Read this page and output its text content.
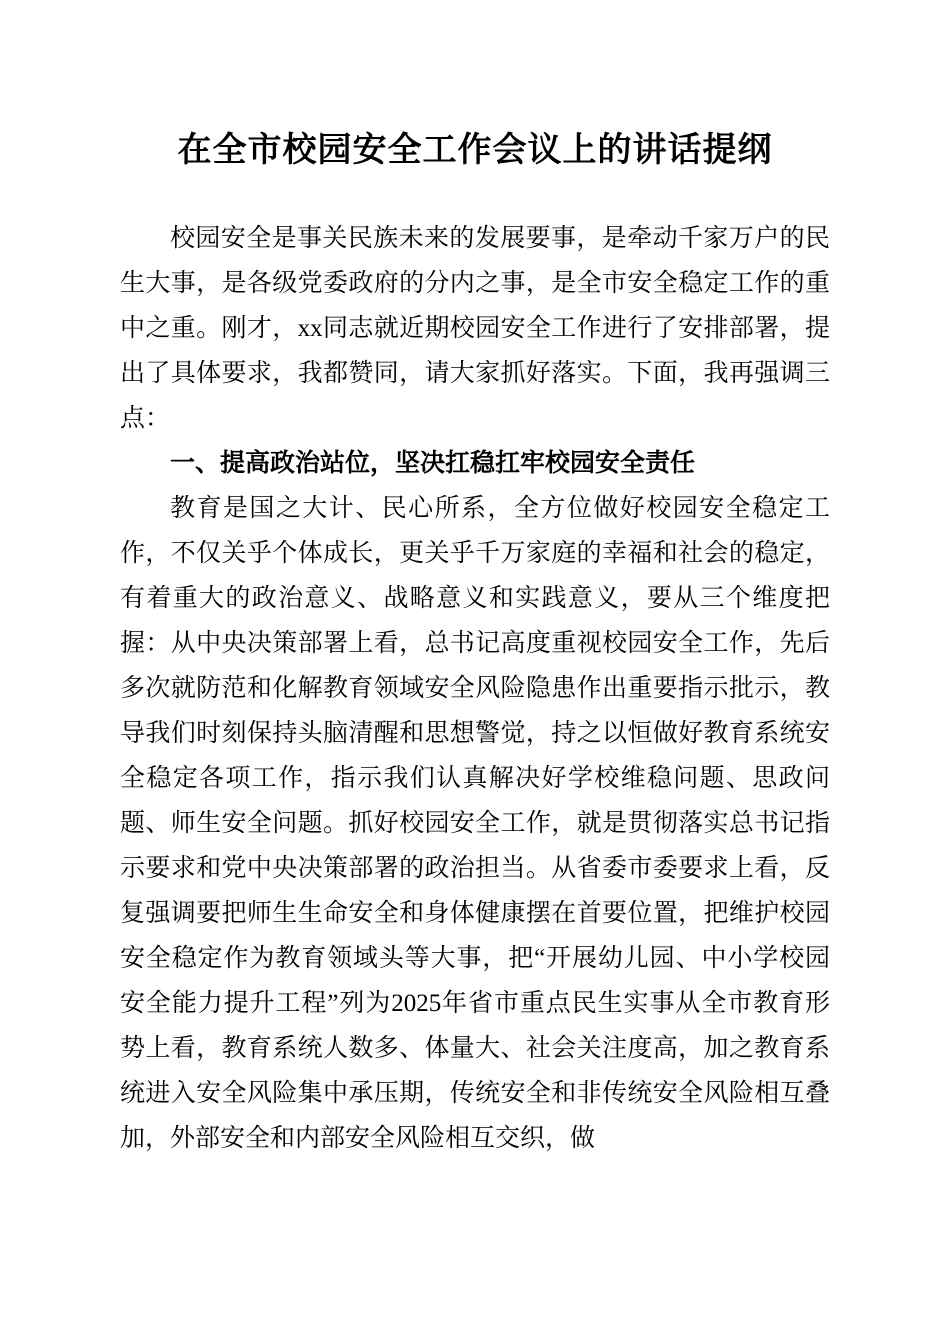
在全市校园安全工作会议上的讲话提纲

校园安全是事关民族未来的发展要事，是牵动千家万户的民生大事，是各级党委政府的分内之事，是全市安全稳定工作的重中之重。刚才，xx同志就近期校园安全工作进行了安排部署，提出了具体要求，我都赞同，请大家抓好落实。下面，我再强调三点：

一、提高政治站位，坚决扛稳扛牢校园安全责任

教育是国之大计、民心所系，全方位做好校园安全稳定工作，不仅关乎个体成长，更关乎千万家庭的幸福和社会的稳定，有着重大的政治意义、战略意义和实践意义，要从三个维度把握：从中央决策部署上看，总书记高度重视校园安全工作，先后多次就防范和化解教育领域安全风险隐患作出重要指示批示，教导我们时刻保持头脑清醒和思想警觉，持之以恒做好教育系统安全稳定各项工作，指示我们认真解决好学校维稳问题、思政问题、师生安全问题。抓好校园安全工作，就是贯彻落实总书记指示要求和党中央决策部署的政治担当。从省委市委要求上看，反复强调要把师生生命安全和身体健康摆在首要位置，把维护校园安全稳定作为教育领域头等大事，把“开展幼儿园、中小学校园安全能力提升工程”列为2025年省市重点民生实事从全市教育形势上看，教育系统人数多、体量大、社会关注度高，加之教育系统进入安全风险集中承压期，传统安全和非传统安全风险相互叠加，外部安全和内部安全风险相互交织，做
